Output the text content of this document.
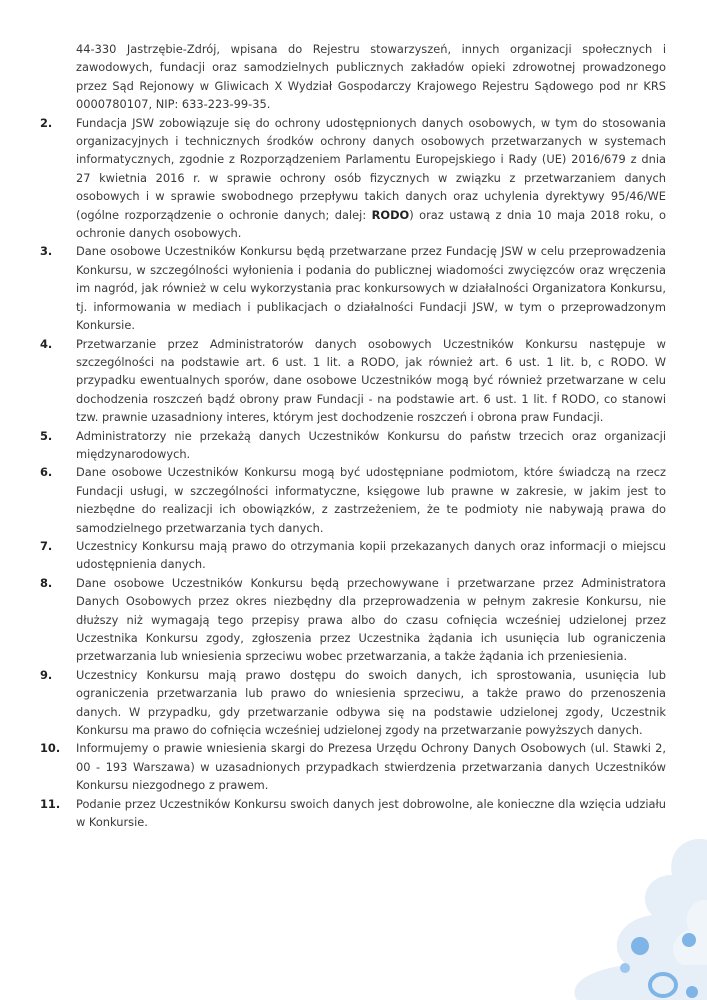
44-330 Jastrzębie-Zdrój, wpisana do Rejestru stowarzyszeń, innych organizacji społecznych i zawodowych, fundacji oraz samodzielnych publicznych zakładów opieki zdrowotnej prowadzonego przez Sąd Rejonowy w Gliwicach X Wydział Gospodarczy Krajowego Rejestru Sądowego pod nr KRS 0000780107, NIP: 633-223-99-35.

2. Fundacja JSW zobowiązuje się do ochrony udostępnionych danych osobowych, w tym do stosowania organizacyjnych i technicznych środków ochrony danych osobowych przetwarzanych w systemach informatycznych, zgodnie z Rozporządzeniem Parlamentu Europejskiego i Rady (UE) 2016/679 z dnia 27 kwietnia 2016 r. w sprawie ochrony osób fizycznych w związku z przetwarzaniem danych osobowych i w sprawie swobodnego przepływu takich danych oraz uchylenia dyrektywy 95/46/WE (ogólne rozporządzenie o ochronie danych; dalej: RODO) oraz ustawą z dnia 10 maja 2018 roku, o ochronie danych osobowych.

3. Dane osobowe Uczestników Konkursu będą przetwarzane przez Fundację JSW w celu przeprowadzenia Konkursu, w szczególności wyłonienia i podania do publicznej wiadomości zwycięzców oraz wręczenia im nagród, jak również w celu wykorzystania prac konkursowych w działalności Organizatora Konkursu, tj. informowania w mediach i publikacjach o działalności Fundacji JSW, w tym o przeprowadzonym Konkursie.

4. Przetwarzanie przez Administratorów danych osobowych Uczestników Konkursu następuje w szczególności na podstawie art. 6 ust. 1 lit. a RODO, jak również art. 6 ust. 1 lit. b, c RODO. W przypadku ewentualnych sporów, dane osobowe Uczestników mogą być również przetwarzane w celu dochodzenia roszczeń bądź obrony praw Fundacji - na podstawie art. 6 ust. 1 lit. f RODO, co stanowi tzw. prawnie uzasadniony interes, którym jest dochodzenie roszczeń i obrona praw Fundacji.

5. Administratorzy nie przekażą danych Uczestników Konkursu do państw trzecich oraz organizacji międzynarodowych.

6. Dane osobowe Uczestników Konkursu mogą być udostępniane podmiotom, które świadczą na rzecz Fundacji usługi, w szczególności informatyczne, księgowe lub prawne w zakresie, w jakim jest to niezbędne do realizacji ich obowiązków, z zastrzeżeniem, że te podmioty nie nabywają prawa do samodzielnego przetwarzania tych danych.

7. Uczestnicy Konkursu mają prawo do otrzymania kopii przekazanych danych oraz informacji o miejscu udostępnienia danych.

8. Dane osobowe Uczestników Konkursu będą przechowywane i przetwarzane przez Administratora Danych Osobowych przez okres niezbędny dla przeprowadzenia w pełnym zakresie Konkursu, nie dłuższy niż wymagają tego przepisy prawa albo do czasu cofnięcia wcześniej udzielonej przez Uczestnika Konkursu zgody, zgłoszenia przez Uczestnika żądania ich usunięcia lub ograniczenia przetwarzania lub wniesienia sprzeciwu wobec przetwarzania, a także żądania ich przeniesienia.

9. Uczestnicy Konkursu mają prawo dostępu do swoich danych, ich sprostowania, usunięcia lub ograniczenia przetwarzania lub prawo do wniesienia sprzeciwu, a także prawo do przenoszenia danych. W przypadku, gdy przetwarzanie odbywa się na podstawie udzielonej zgody, Uczestnik Konkursu ma prawo do cofnięcia wcześniej udzielonej zgody na przetwarzanie powyższych danych.

10. Informujemy o prawie wniesienia skargi do Prezesa Urzędu Ochrony Danych Osobowych (ul. Stawki 2, 00 - 193 Warszawa) w uzasadnionych przypadkach stwierdzenia przetwarzania danych Uczestników Konkursu niezgodnego z prawem.

11. Podanie przez Uczestników Konkursu swoich danych jest dobrowolne, ale konieczne dla wzięcia udziału w Konkursie.
